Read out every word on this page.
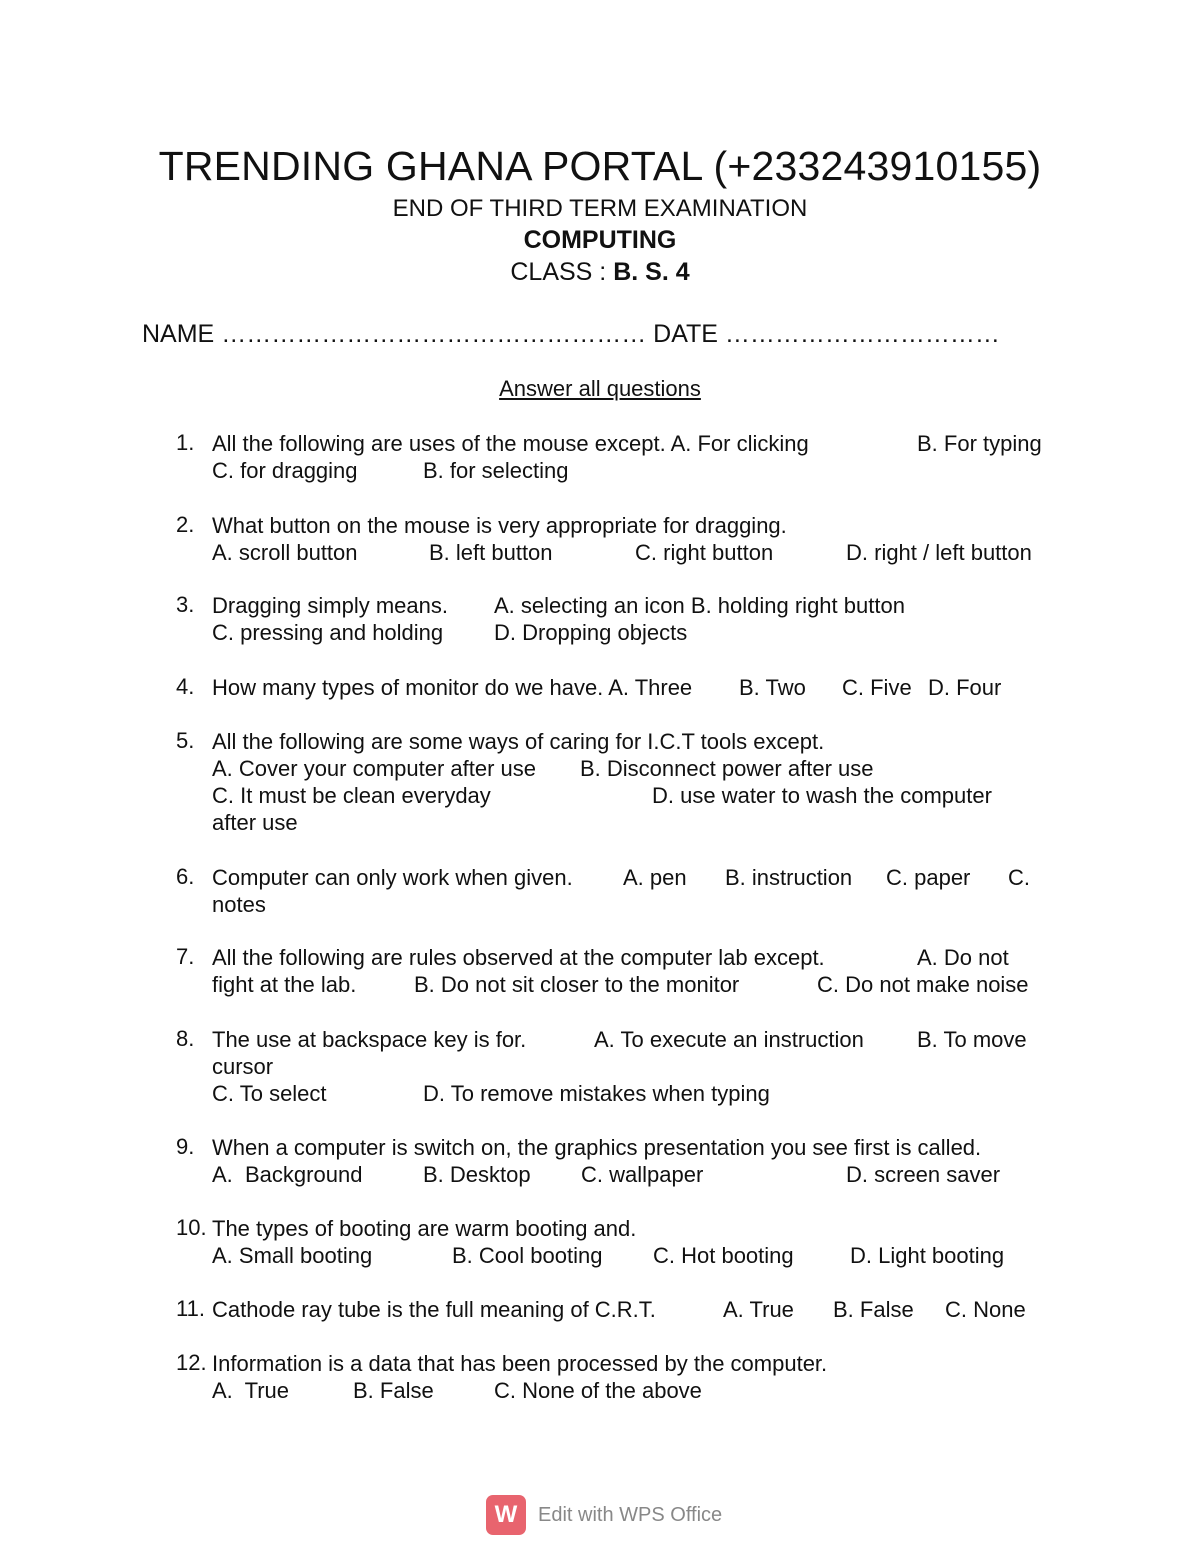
TRENDING GHANA PORTAL (+233243910155)
END OF THIRD TERM EXAMINATION
COMPUTING
CLASS : B. S. 4
NAME …………………………………………… DATE ……………………………
Answer all questions
1. All the following are uses of the mouse except. A. For clicking	B. For typing
C. for dragging	B. for selecting
2. What button on the mouse is very appropriate for dragging.
A. scroll button	B. left button	C. right button	D. right / left button
3. Dragging simply means. A. selecting an icon B. holding right button
C. pressing and holding D. Dropping objects
4. How many types of monitor do we have. A. Three B. Two C. Five D. Four
5. All the following are some ways of caring for I.C.T tools except.
A. Cover your computer after use B. Disconnect power after use
C. It must be clean everyday	D. use water to wash the computer
after use
6. Computer can only work when given. A. pen B. instruction C. paper C.
notes
7. All the following are rules observed at the computer lab except.	A. Do not
fight at the lab.	B. Do not sit closer to the monitor	C. Do not make noise
8. The use at backspace key is for.	A. To execute an instruction B. To move
cursor
C. To select	D. To remove mistakes when typing
9. When a computer is switch on, the graphics presentation you see first is called.
A.  Background	B. Desktop C. wallpaper	D. screen saver
10. The types of booting are warm booting and.
A. Small booting	B. Cool booting C. Hot booting	D. Light booting
11. Cathode ray tube is the full meaning of C.R.T.	A. True B. False C. None
12. Information is a data that has been processed by the computer.
A.  True	B. False	C. None of the above
W	Edit with WPS Office
